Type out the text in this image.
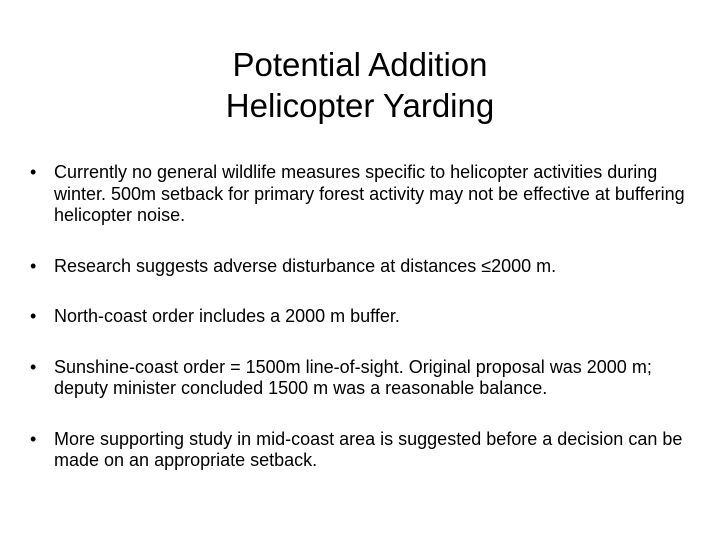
Potential Addition
Helicopter Yarding
• Currently no general wildlife measures specific to helicopter activities during winter. 500m setback for primary forest activity may not be effective at buffering helicopter noise.
• Research suggests adverse disturbance at distances ≤2000 m.
• North-coast order includes a 2000 m buffer.
• Sunshine-coast order = 1500m line-of-sight. Original proposal was 2000 m; deputy minister concluded 1500 m was a reasonable balance.
• More supporting study in mid-coast area is suggested before a decision can be made on an appropriate setback.
